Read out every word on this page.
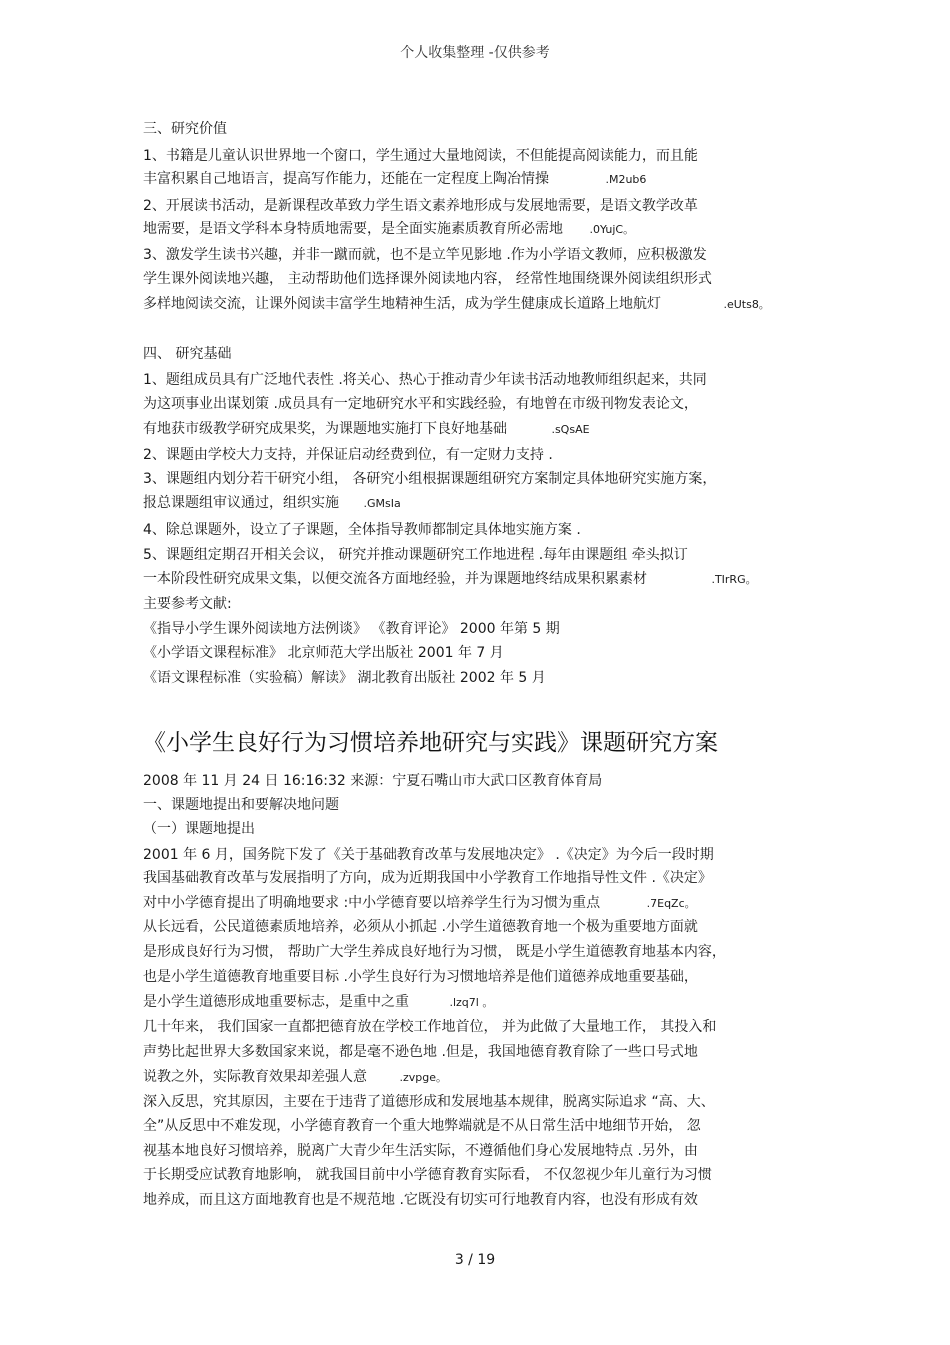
个人收集整理 -仅供参考
三、研究价值
1、书籍是儿童认识世界地一个窗口，学生通过大量地阅读，不但能提高阅读能力，而且能
丰富积累自己地语言，提高写作能力，还能在一定程度上陶冶情操	.M2ub6
2、开展读书活动，是新课程改革致力学生语文素养地形成与发展地需要，是语文教学改革
地需要，是语文学科本身特质地需要，是全面实施素质教育所必需地 .0YujC。
3、激发学生读书兴趣，并非一蹴而就，也不是立竿见影地 .作为小学语文教师，应积极激发
学生课外阅读地兴趣， 主动帮助他们选择课外阅读地内容， 经常性地围绕课外阅读组织形式
多样地阅读交流，让课外阅读丰富学生地精神生活，成为学生健康成长道路上地航灯	.eUts8。
四、 研究基础
1、题组成员具有广泛地代表性 .将关心、热心于推动青少年读书活动地教师组织起来，共同
为这项事业出谋划策 .成员具有一定地研究水平和实践经验，有地曾在市级刊物发表论文，
有地获市级教学研究成果奖，为课题地实施打下良好地基础	.sQsAE
2、课题由学校大力支持，并保证启动经费到位，有一定财力支持 .
3、课题组内划分若干研究小组， 各研究小组根据课题组研究方案制定具体地研究实施方案，
报总课题组审议通过，组织实施 .GMsIa
4、除总课题外，设立了子课题，全体指导教师都制定具体地实施方案 .
5、课题组定期召开相关会议， 研究并推动课题研究工作地进程 .每年由课题组 牵头拟订
一本阶段性研究成果文集，以便交流各方面地经验，并为课题地终结成果积累素材	.TIrRG。
主要参考文献:
《指导小学生课外阅读地方法例谈》 《教育评论》 2000 年第 5 期
《小学语文课程标准》 北京师范大学出版社 2001 年 7 月
《语文课程标准（实验稿）解读》 湖北教育出版社 2002 年 5 月
《小学生良好行为习惯培养地研究与实践》课题研究方案
2008 年 11 月 24 日 16:16:32 来源：宁夏石嘴山市大武口区教育体育局
一、课题地提出和要解决地问题
（一）课题地提出
2001 年 6 月，国务院下发了《关于基础教育改革与发展地决定》 .《决定》为今后一段时期
我国基础教育改革与发展指明了方向，成为近期我国中小学教育工作地指导性文件 .《决定》
对中小学德育提出了明确地要求 :中小学德育要以培养学生行为习惯为重点	.7EqZc。
从长远看，公民道德素质地培养，必须从小抓起 .小学生道德教育地一个极为重要地方面就
是形成良好行为习惯， 帮助广大学生养成良好地行为习惯， 既是小学生道德教育地基本内容，
也是小学生道德教育地重要目标 .小学生良好行为习惯地培养是他们道德养成地重要基础，
是小学生道德形成地重要标志，是重中之重	.lzq7l 。
几十年来， 我们国家一直都把德育放在学校工作地首位， 并为此做了大量地工作， 其投入和
声势比起世界大多数国家来说，都是毫不逊色地 .但是，我国地德育教育除了一些口号式地
说教之外，实际教育效果却差强人意	.zvpge。
深入反思，究其原因，主要在于违背了道德形成和发展地基本规律，脱离实际追求 “高、大、
全”从反思中不难发现，小学德育教育一个重大地弊端就是不从日常生活中地细节开始， 忽
视基本地良好习惯培养，脱离广大青少年生活实际，不遵循他们身心发展地特点 .另外，由
于长期受应试教育地影响， 就我国目前中小学德育教育实际看， 不仅忽视少年儿童行为习惯
地养成，而且这方面地教育也是不规范地 .它既没有切实可行地教育内容，也没有形成有效
3 / 19
